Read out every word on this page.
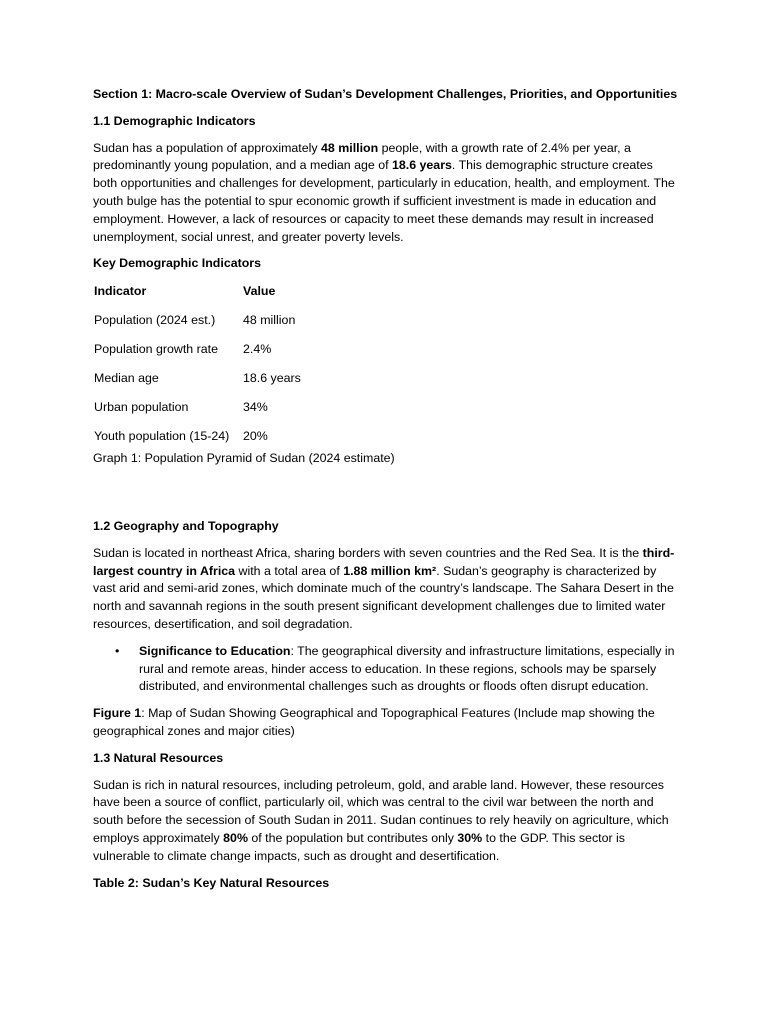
Section 1: Macro-scale Overview of Sudan’s Development Challenges, Priorities, and Opportunities

1.1 Demographic Indicators

Sudan has a population of approximately 48 million people, with a growth rate of 2.4% per year, a predominantly young population, and a median age of 18.6 years. This demographic structure creates both opportunities and challenges for development, particularly in education, health, and employment. The youth bulge has the potential to spur economic growth if sufficient investment is made in education and employment. However, a lack of resources or capacity to meet these demands may result in increased unemployment, social unrest, and greater poverty levels.

Key Demographic Indicators

Indicator	Value
Population (2024 est.)	48 million
Population growth rate	2.4%
Median age	18.6 years
Urban population	34%
Youth population (15-24)	20%

Graph 1: Population Pyramid of Sudan (2024 estimate)

1.2 Geography and Topography

Sudan is located in northeast Africa, sharing borders with seven countries and the Red Sea. It is the third-largest country in Africa with a total area of 1.88 million km². Sudan’s geography is characterized by vast arid and semi-arid zones, which dominate much of the country’s landscape. The Sahara Desert in the north and savannah regions in the south present significant development challenges due to limited water resources, desertification, and soil degradation.

• Significance to Education: The geographical diversity and infrastructure limitations, especially in rural and remote areas, hinder access to education. In these regions, schools may be sparsely distributed, and environmental challenges such as droughts or floods often disrupt education.

Figure 1: Map of Sudan Showing Geographical and Topographical Features (Include map showing the geographical zones and major cities)

1.3 Natural Resources

Sudan is rich in natural resources, including petroleum, gold, and arable land. However, these resources have been a source of conflict, particularly oil, which was central to the civil war between the north and south before the secession of South Sudan in 2011. Sudan continues to rely heavily on agriculture, which employs approximately 80% of the population but contributes only 30% to the GDP. This sector is vulnerable to climate change impacts, such as drought and desertification.

Table 2: Sudan’s Key Natural Resources
